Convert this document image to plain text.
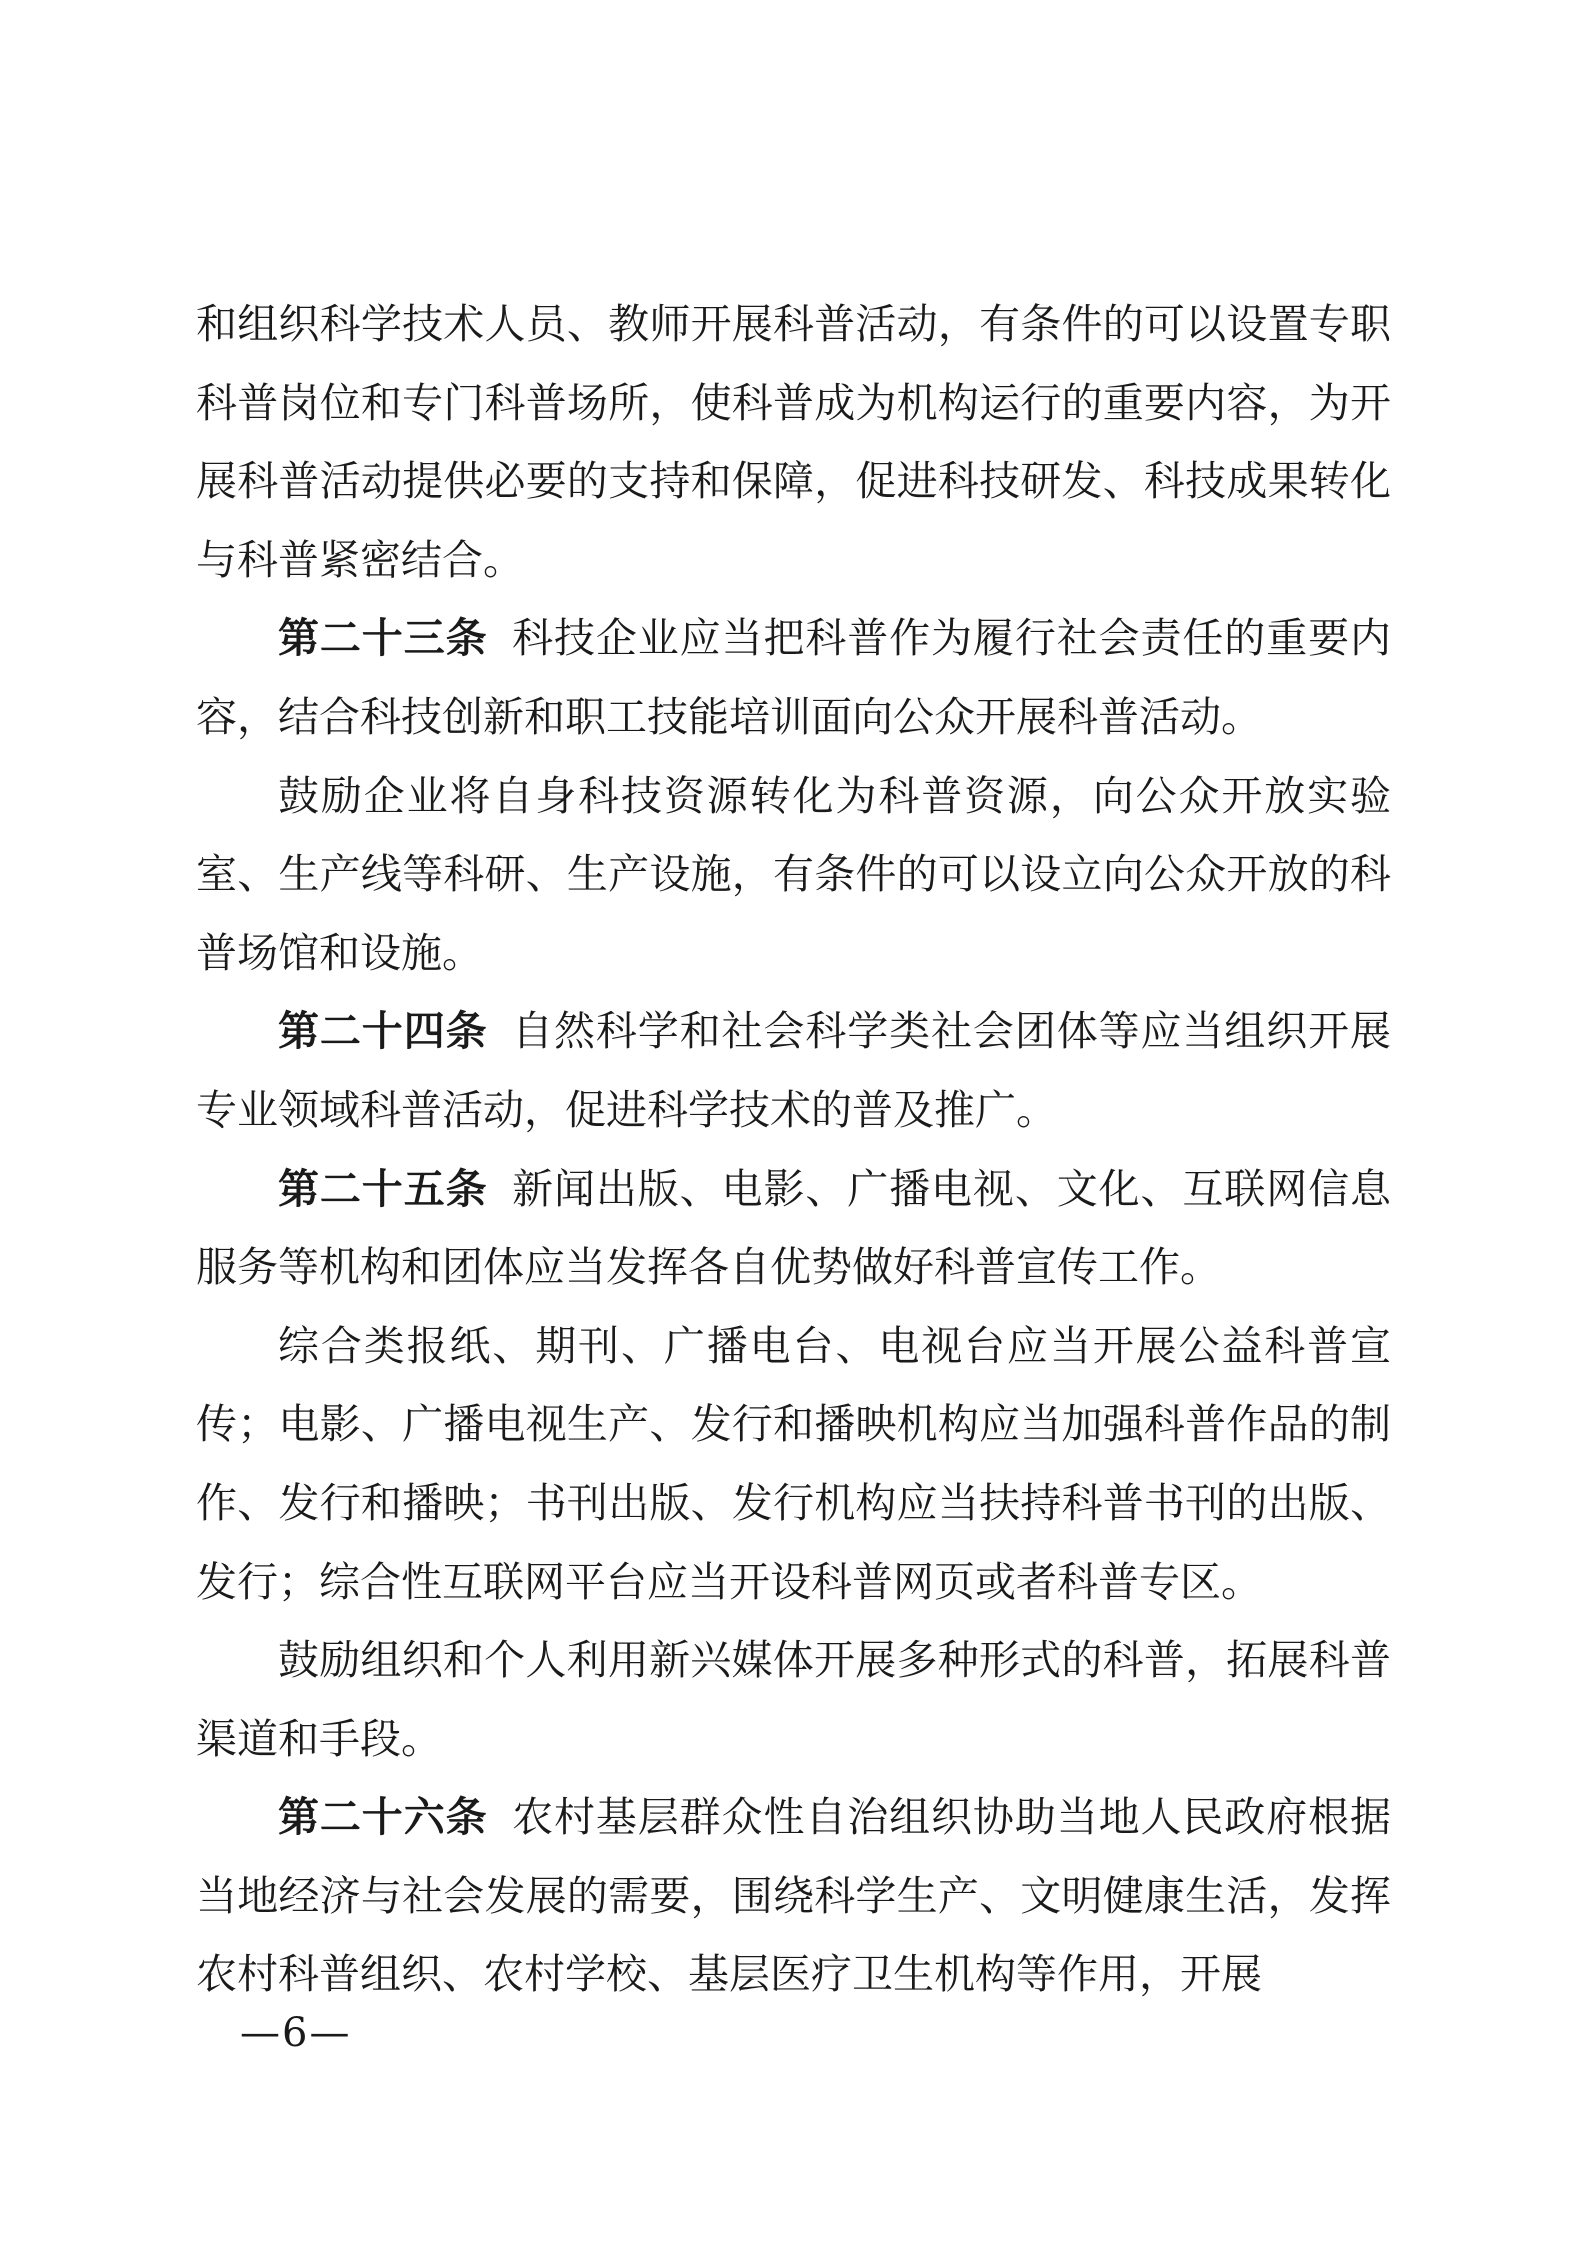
和组织科学技术人员、教师开展科普活动，有条件的可以设置专职科普岗位和专门科普场所，使科普成为机构运行的重要内容，为开展科普活动提供必要的支持和保障，促进科技研发、科技成果转化与科普紧密结合。

第二十三条 科技企业应当把科普作为履行社会责任的重要内容，结合科技创新和职工技能培训面向公众开展科普活动。

鼓励企业将自身科技资源转化为科普资源，向公众开放实验室、生产线等科研、生产设施，有条件的可以设立向公众开放的科普场馆和设施。

第二十四条 自然科学和社会科学类社会团体等应当组织开展专业领域科普活动，促进科学技术的普及推广。

第二十五条 新闻出版、电影、广播电视、文化、互联网信息服务等机构和团体应当发挥各自优势做好科普宣传工作。

综合类报纸、期刊、广播电台、电视台应当开展公益科普宣传；电影、广播电视生产、发行和播映机构应当加强科普作品的制作、发行和播映；书刊出版、发行机构应当扶持科普书刊的出版、发行；综合性互联网平台应当开设科普网页或者科普专区。

鼓励组织和个人利用新兴媒体开展多种形式的科普，拓展科普渠道和手段。

第二十六条 农村基层群众性自治组织协助当地人民政府根据当地经济与社会发展的需要，围绕科学生产、文明健康生活，发挥农村科普组织、农村学校、基层医疗卫生机构等作用，开展

—6—
